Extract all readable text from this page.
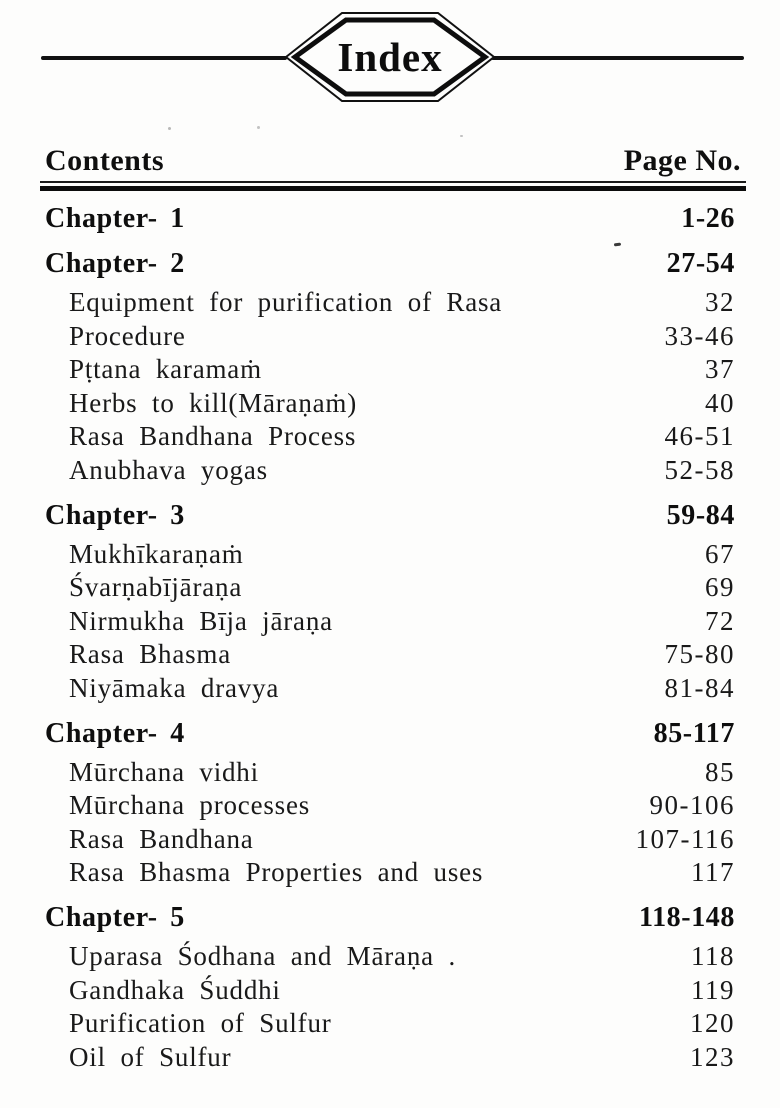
Index
Contents	Page No.
Chapter- 1	1-26
Chapter- 2	27-54
Equipment for purification of Rasa	32
Procedure	33-46
Pṭtana karamaṁ	37
Herbs to kill(Māraṇaṁ)	40
Rasa Bandhana Process	46-51
Anubhava yogas	52-58
Chapter- 3	59-84
Mukhīkaraṇaṁ	67
Śvarṇabījāraṇa	69
Nirmukha Bīja jāraṇa	72
Rasa Bhasma	75-80
Niyāmaka dravya	81-84
Chapter- 4	85-117
Mūrchana vidhi	85
Mūrchana processes	90-106
Rasa Bandhana	107-116
Rasa Bhasma Properties and uses	117
Chapter- 5	118-148
Uparasa Śodhana and Māraṇa .	118
Gandhaka Śuddhi	119
Purification of Sulfur	120
Oil of Sulfur	123
